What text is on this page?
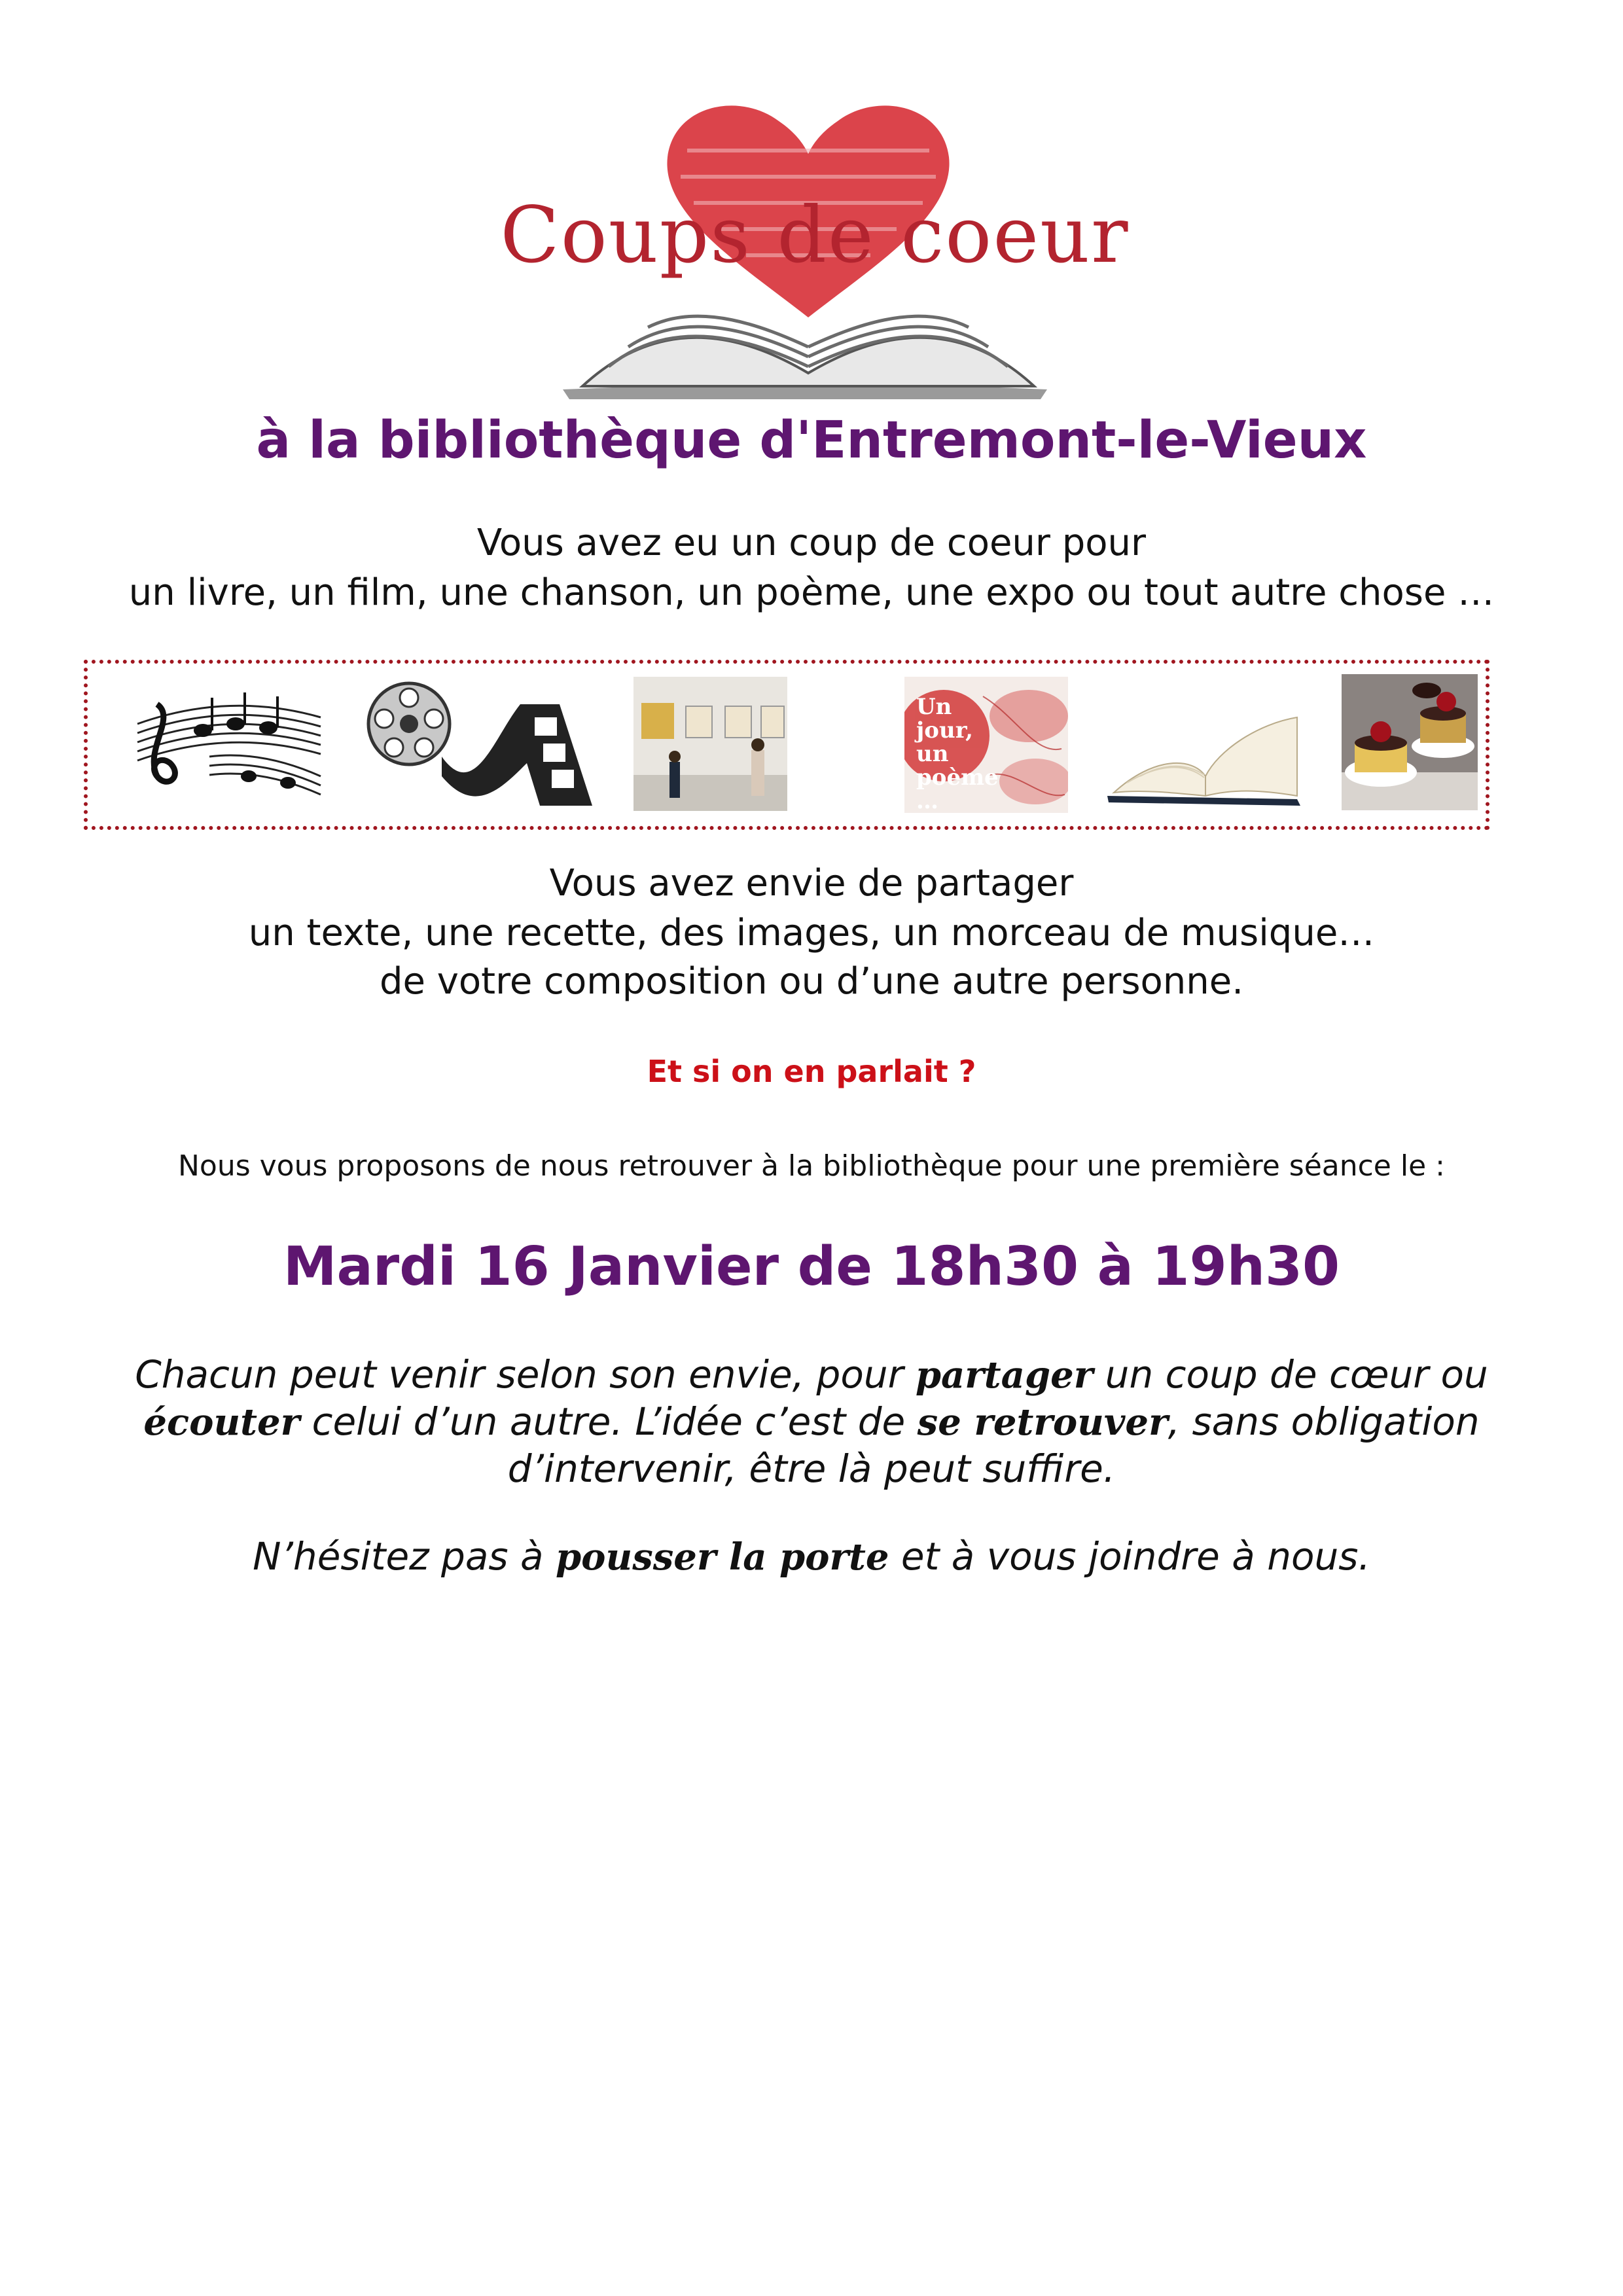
Coups de coeur
à la bibliothèque d'Entremont-le-Vieux
Vous avez eu un coup de coeur pour
un livre, un film, une chanson, un poème, une expo ou tout autre chose …
Un jour, un poème …
Vous avez envie de partager
un texte, une recette, des images, un morceau de musique…
de votre composition ou d’une autre personne.
Et si on en parlait ?
Nous vous proposons de nous retrouver à la bibliothèque pour une première séance le :
Mardi 16 Janvier de 18h30 à 19h30
Chacun peut venir selon son envie, pour partager un coup de cœur ou
écouter celui d’un autre. L’idée c’est de se retrouver, sans obligation
d’intervenir, être là peut suffire.
N’hésitez pas à pousser la porte et à vous joindre à nous.
